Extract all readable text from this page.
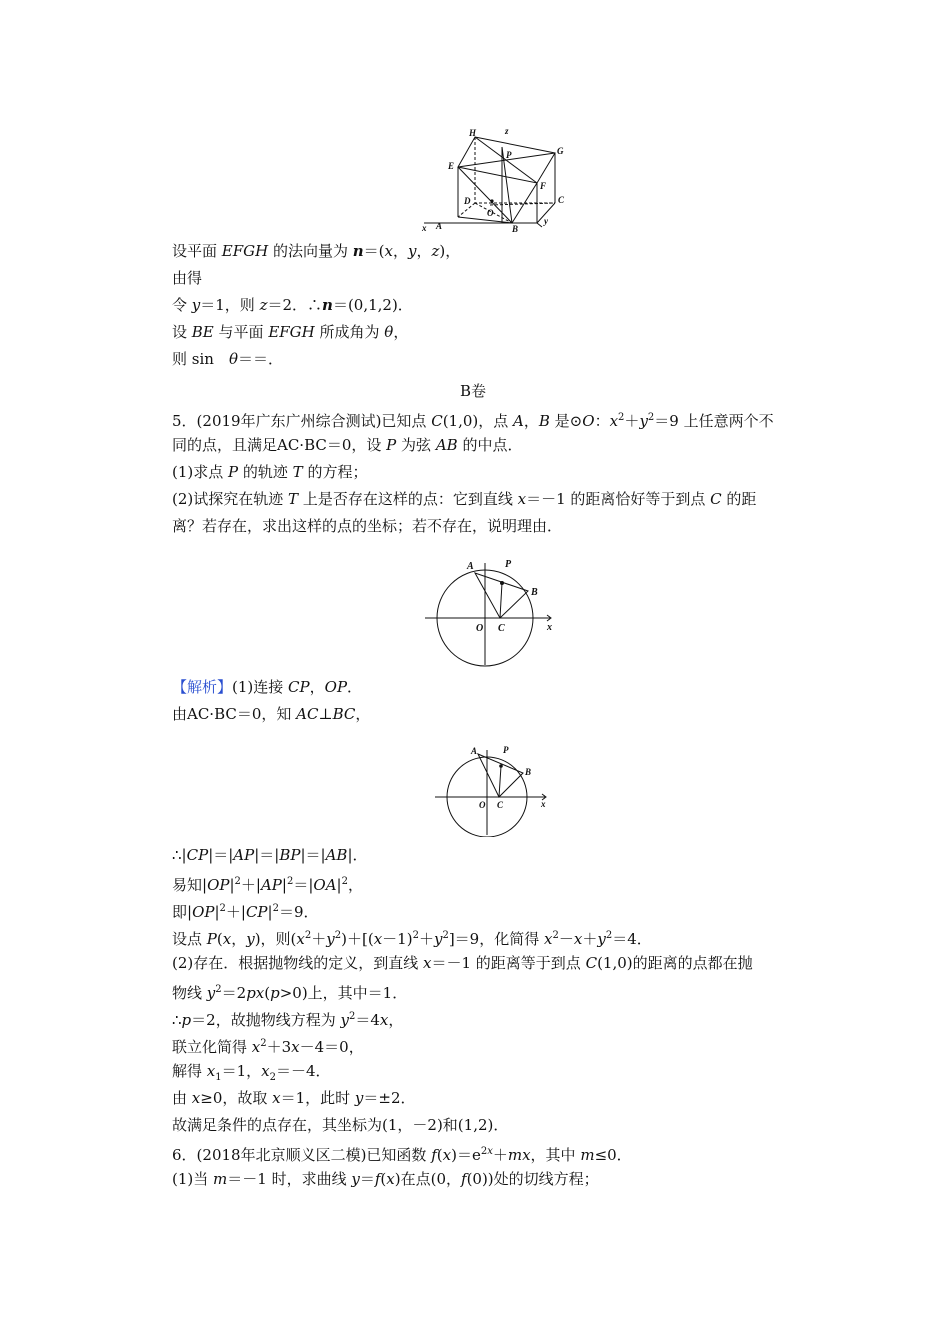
H	z
G
P
E
F
D
O
C
x A	B
y
设平面 EFGH 的法向量为 n＝(x，y，z)，
由得
令 y＝1，则 z＝2．∴n＝(0,1,2)．
设 BE 与平面 EFGH 所成角为 θ，
则 sin　θ＝＝．
B卷
5．(2019年广东广州综合测试)已知点 C(1,0)，点 A，B 是⊙O：$x^2+y^2=9$ 上任意两个不
同的点，且满足AC·BC＝0，设 P 为弦 AB 的中点．
(1)求点 P 的轨迹 T 的方程；
(2)试探究在轨迹 T 上是否存在这样的点：它到直线 x＝－1 的距离恰好等于到点 C 的距
离？若存在，求出这样的点的坐标；若不存在，说明理由．
A	P
B
O C	x
【解析】(1)连接 CP，OP．
由AC·BC＝0，知 AC⊥BC，
A	P
B
O C	x
∴|CP|＝|AP|＝|BP|＝|AB|．
易知$|OP|^2+|AP|^2=|OA|^2$，
即$|OP|^2+|CP|^2=9$．
设点 P(x，y)，则$(x^2+y^2)+[(x-1)^2+y^2]=9$，化简得 $x^2-x+y^2=4$．
(2)存在．根据抛物线的定义，到直线 x＝－1 的距离等于到点 C(1,0)的距离的点都在抛
物线 $y^2=2px(p>0)$上，其中＝1．
∴p＝2，故抛物线方程为 $y^2=4x$，
联立化简得 $x^2+3x-4=0$，
解得 $x_1=1$，$x_2=-4$．
由 x≥0，故取 x＝1，此时 y＝±2．
故满足条件的点存在，其坐标为(1，－2)和(1,2)．
6．(2018年北京顺义区二模)已知函数 $f(x)=e^{2x}+mx$，其中 m≤0．
(1)当 m＝－1 时，求曲线 y＝f(x)在点(0，f(0))处的切线方程；
